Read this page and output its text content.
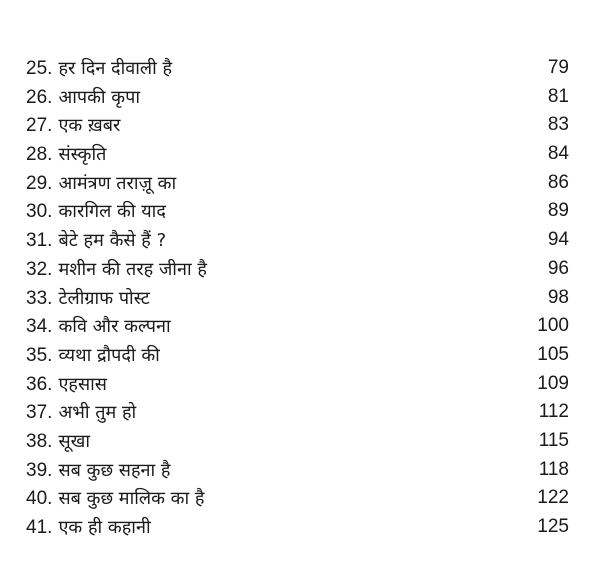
25. हर दिन दीवाली है	79
26. आपकी कृपा	81
27. एक ख़बर	83
28. संस्कृति	84
29. आमंत्रण तराज़ू का	86
30. कारगिल की याद	89
31. बेटे हम कैसे हैं ?	94
32. मशीन की तरह जीना है	96
33. टेलीग्राफ पोस्ट	98
34. कवि और कल्पना	100
35. व्यथा द्रौपदी की	105
36. एहसास	109
37. अभी तुम हो	112
38. सूखा	115
39. सब कुछ सहना है	118
40. सब कुछ मालिक का है	122
41. एक ही कहानी	125
